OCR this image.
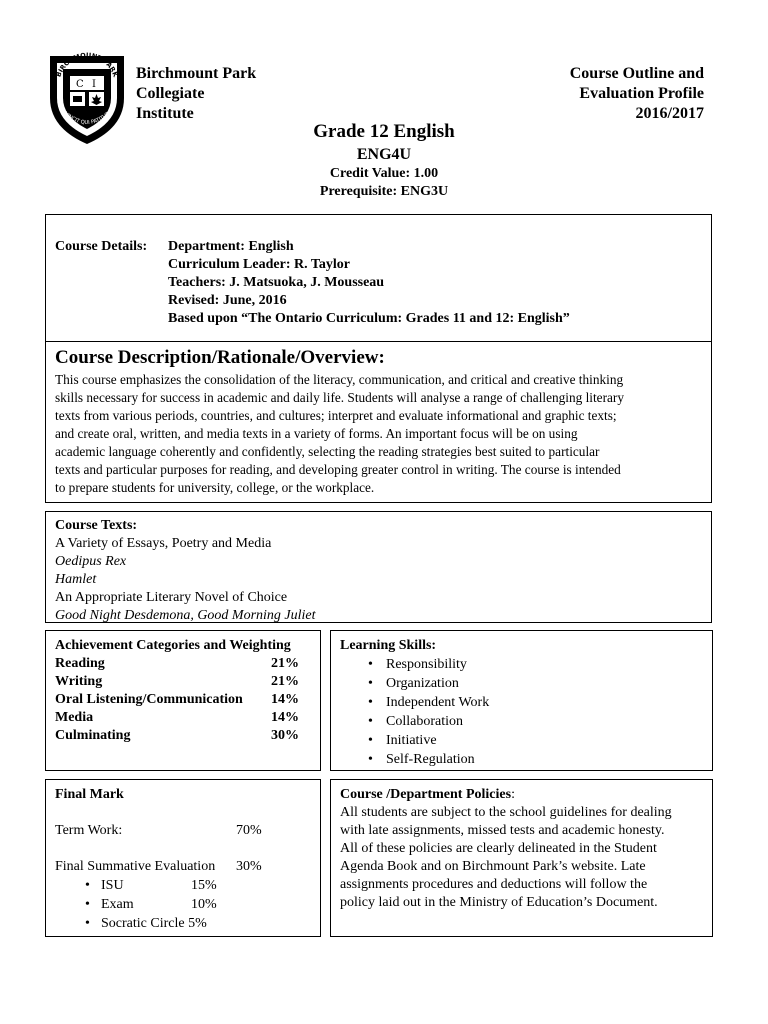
BIRCHMOUNT PARK
C I
VINCIT QUI PATITUR
Birchmount Park
Collegiate
Institute
Course Outline and
Evaluation Profile
2016/2017
Grade 12 English
ENG4U
Credit Value: 1.00
Prerequisite: ENG3U
Course Details: Department: English
Curriculum Leader: R. Taylor
Teachers: J. Matsuoka, J. Mousseau
Revised: June, 2016
Based upon “The Ontario Curriculum: Grades 11 and 12: English”
Course Description/Rationale/Overview:
This course emphasizes the consolidation of the literacy, communication, and critical and creative thinking
skills necessary for success in academic and daily life. Students will analyse a range of challenging literary
texts from various periods, countries, and cultures; interpret and evaluate informational and graphic texts;
and create oral, written, and media texts in a variety of forms. An important focus will be on using
academic language coherently and confidently, selecting the reading strategies best suited to particular
texts and particular purposes for reading, and developing greater control in writing. The course is intended
to prepare students for university, college, or the workplace.
Course Texts:
A Variety of Essays, Poetry and Media
Oedipus Rex
Hamlet
An Appropriate Literary Novel of Choice
Good Night Desdemona, Good Morning Juliet
Achievement Categories and Weighting
Reading	21%
Writing	21%
Oral Listening/Communication 14%
Media	14%
Culminating	30%
Learning Skills:
• Responsibility
• Organization
• Independent Work
• Collaboration
• Initiative
• Self-Regulation
Final Mark
Term Work:	70%
Final Summative Evaluation 30%
• ISU	15%
• Exam	10%
• Socratic Circle 5%
Course /Department Policies:
All students are subject to the school guidelines for dealing
with late assignments, missed tests and academic honesty.
All of these policies are clearly delineated in the Student
Agenda Book and on Birchmount Park’s website. Late
assignments procedures and deductions will follow the
policy laid out in the Ministry of Education’s Document.
